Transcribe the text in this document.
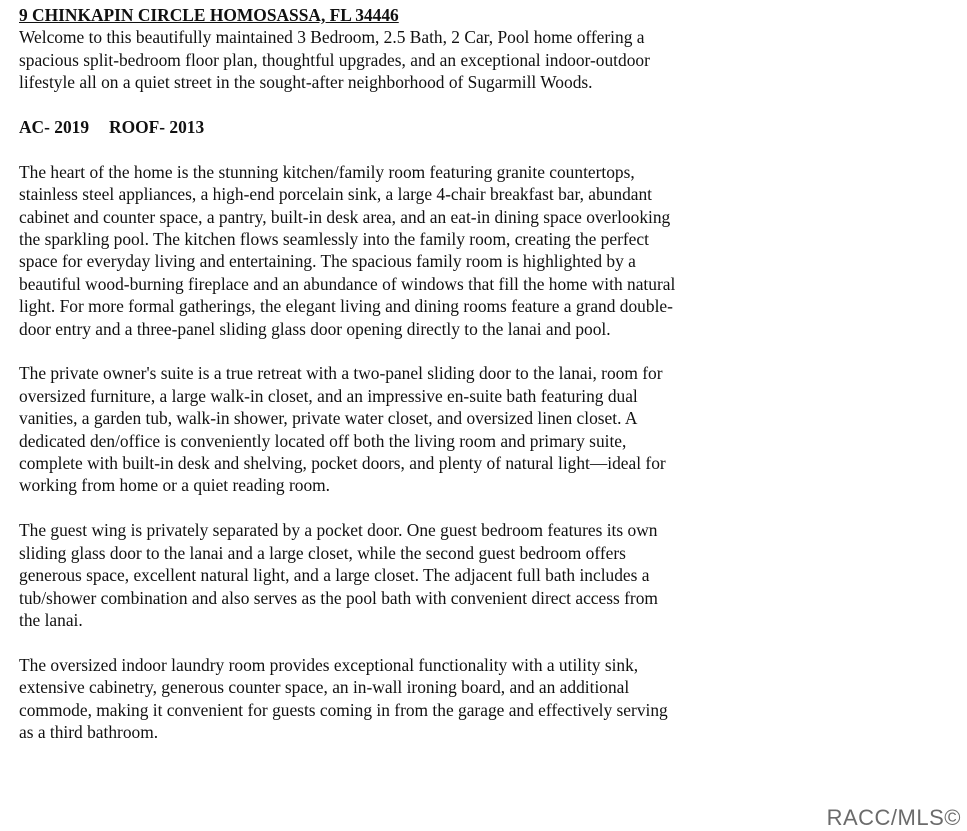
9 CHINKAPIN CIRCLE HOMOSASSA, FL 34446

Welcome to this beautifully maintained 3 Bedroom, 2.5 Bath, 2 Car, Pool home offering a spacious split-bedroom floor plan, thoughtful upgrades, and an exceptional indoor-outdoor lifestyle all on a quiet street in the sought-after neighborhood of Sugarmill Woods.

AC- 2019 ROOF- 2013

The heart of the home is the stunning kitchen/family room featuring granite countertops, stainless steel appliances, a high-end porcelain sink, a large 4-chair breakfast bar, abundant cabinet and counter space, a pantry, built-in desk area, and an eat-in dining space overlooking the sparkling pool. The kitchen flows seamlessly into the family room, creating the perfect space for everyday living and entertaining. The spacious family room is highlighted by a beautiful wood-burning fireplace and an abundance of windows that fill the home with natural light. For more formal gatherings, the elegant living and dining rooms feature a grand double-door entry and a three-panel sliding glass door opening directly to the lanai and pool.

The private owner's suite is a true retreat with a two-panel sliding door to the lanai, room for oversized furniture, a large walk-in closet, and an impressive en-suite bath featuring dual vanities, a garden tub, walk-in shower, private water closet, and oversized linen closet. A dedicated den/office is conveniently located off both the living room and primary suite, complete with built-in desk and shelving, pocket doors, and plenty of natural light—ideal for working from home or a quiet reading room.

The guest wing is privately separated by a pocket door. One guest bedroom features its own sliding glass door to the lanai and a large closet, while the second guest bedroom offers generous space, excellent natural light, and a large closet. The adjacent full bath includes a tub/shower combination and also serves as the pool bath with convenient direct access from the lanai.

The oversized indoor laundry room provides exceptional functionality with a utility sink, extensive cabinetry, generous counter space, an in-wall ironing board, and an additional commode, making it convenient for guests coming in from the garage and effectively serving as a third bathroom.

RACC/MLS©
